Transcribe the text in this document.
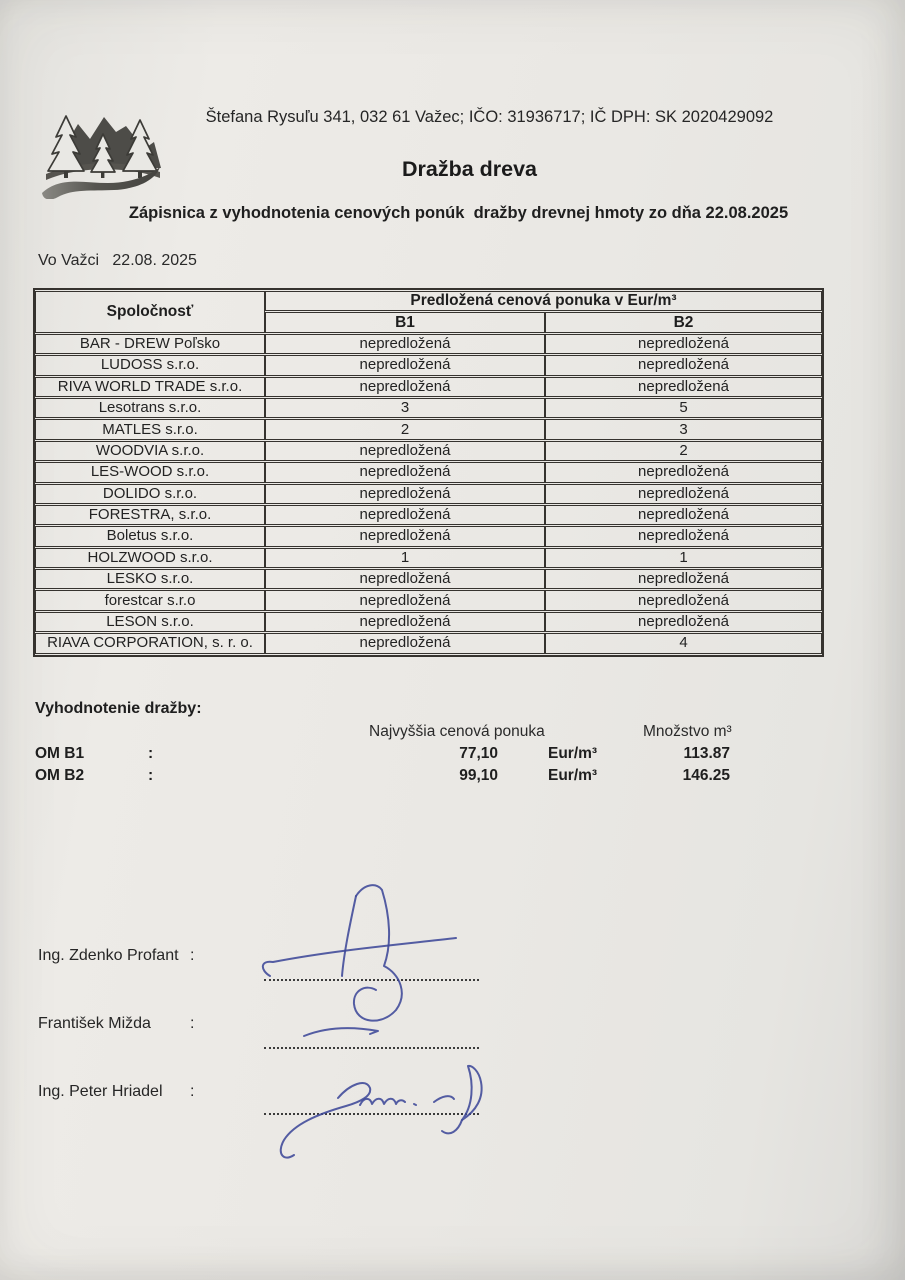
Štefana Rysuľu 341, 032 61 Važec; IČO: 31936717; IČ DPH: SK 2020429092
Dražba dreva
Zápisnica z vyhodnotenia cenových ponúk  dražby drevnej hmoty zo dňa 22.08.2025
Vo Važci   22.08. 2025
Spoločnosť	Predložená cenová ponuka v Eur/m³	
	B1	B2
BAR - DREW Poľsko	nepredložená	nepredložená
LUDOSS s.r.o.	nepredložená	nepredložená
RIVA WORLD TRADE s.r.o.	nepredložená	nepredložená
Lesotrans s.r.o.	3	5
MATLES s.r.o.	2	3
WOODVIA s.r.o.	nepredložená	2
LES-WOOD s.r.o.	nepredložená	nepredložená
DOLIDO s.r.o.	nepredložená	nepredložená
FORESTRA, s.r.o.	nepredložená	nepredložená
Boletus s.r.o.	nepredložená	nepredložená
HOLZWOOD s.r.o.	1	1
LESKO s.r.o.	nepredložená	nepredložená
forestcar s.r.o	nepredložená	nepredložená
LESON s.r.o.	nepredložená	nepredložená
RIAVA CORPORATION, s. r. o.	nepredložená	4
Vyhodnotenie dražby:
Najvyššia cenová ponuka	Množstvo m³
OM B1	:	77,10	Eur/m³	113.87
OM B2	:	99,10	Eur/m³	146.25
Ing. Zdenko Profant :
František Mižda :
Ing. Peter Hriadel :
